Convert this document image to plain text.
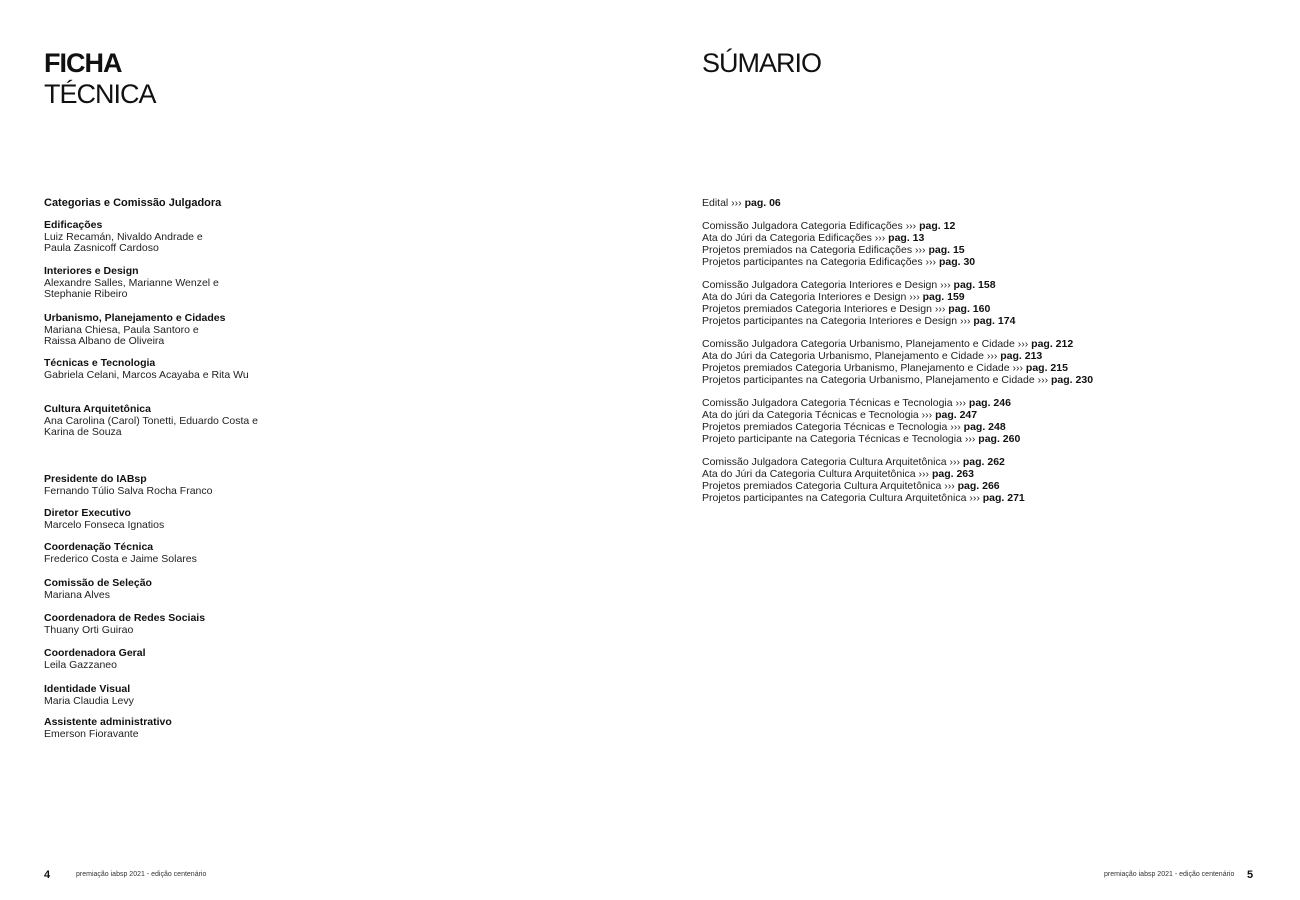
FICHA
TÉCNICA
Categorias e Comissão Julgadora
Edificações
Luiz Recamán, Nivaldo Andrade e
Paula Zasnicoff Cardoso
Interiores e Design
Alexandre Salles, Marianne Wenzel e
Stephanie Ribeiro
Urbanismo, Planejamento e Cidades
Mariana Chiesa, Paula Santoro e
Raissa Albano de Oliveira
Técnicas e Tecnologia
Gabriela Celani, Marcos Acayaba e Rita Wu
Cultura Arquitetônica
Ana Carolina (Carol) Tonetti, Eduardo Costa e
Karina de Souza
Presidente do IABsp
Fernando Túlio Salva Rocha Franco
Diretor Executivo
Marcelo Fonseca Ignatios
Coordenação Técnica
Frederico Costa e Jaime Solares
Comissão de Seleção
Mariana Alves
Coordenadora de Redes Sociais
Thuany Orti Guirao
Coordenadora Geral
Leila Gazzaneo
Identidade Visual
Maria Claudia Levy
Assistente administrativo
Emerson Fioravante
4	premiação iabsp 2021 - edição centenário
SÚMARIO
Edital ››› pag. 06
Comissão Julgadora Categoria Edificações ››› pag. 12
Ata do Júri da Categoria Edificações ››› pag. 13
Projetos premiados na Categoria Edificações ››› pag. 15
Projetos participantes na Categoria Edificações ››› pag. 30
Comissão Julgadora Categoria Interiores e Design ››› pag. 158
Ata do Júri da Categoria Interiores e Design ››› pag. 159
Projetos premiados Categoria Interiores e Design ››› pag. 160
Projetos participantes na Categoria Interiores e Design ››› pag. 174
Comissão Julgadora Categoria Urbanismo, Planejamento e Cidade ››› pag. 212
Ata do Júri da Categoria Urbanismo, Planejamento e Cidade ››› pag. 213
Projetos premiados Categoria Urbanismo, Planejamento e Cidade ››› pag. 215
Projetos participantes na Categoria Urbanismo, Planejamento e Cidade ››› pag. 230
Comissão Julgadora Categoria Técnicas e Tecnologia ››› pag. 246
Ata do júri da Categoria Técnicas e Tecnologia ››› pag. 247
Projetos premiados Categoria Técnicas e Tecnologia ››› pag. 248
Projeto participante na Categoria Técnicas e Tecnologia ››› pag. 260
Comissão Julgadora Categoria Cultura Arquitetônica ››› pag. 262
Ata do Júri da Categoria Cultura Arquitetônica ››› pag. 263
Projetos premiados Categoria Cultura Arquitetônica ››› pag. 266
Projetos participantes na Categoria Cultura Arquitetônica ››› pag. 271
premiação iabsp 2021 - edição centenário 5
